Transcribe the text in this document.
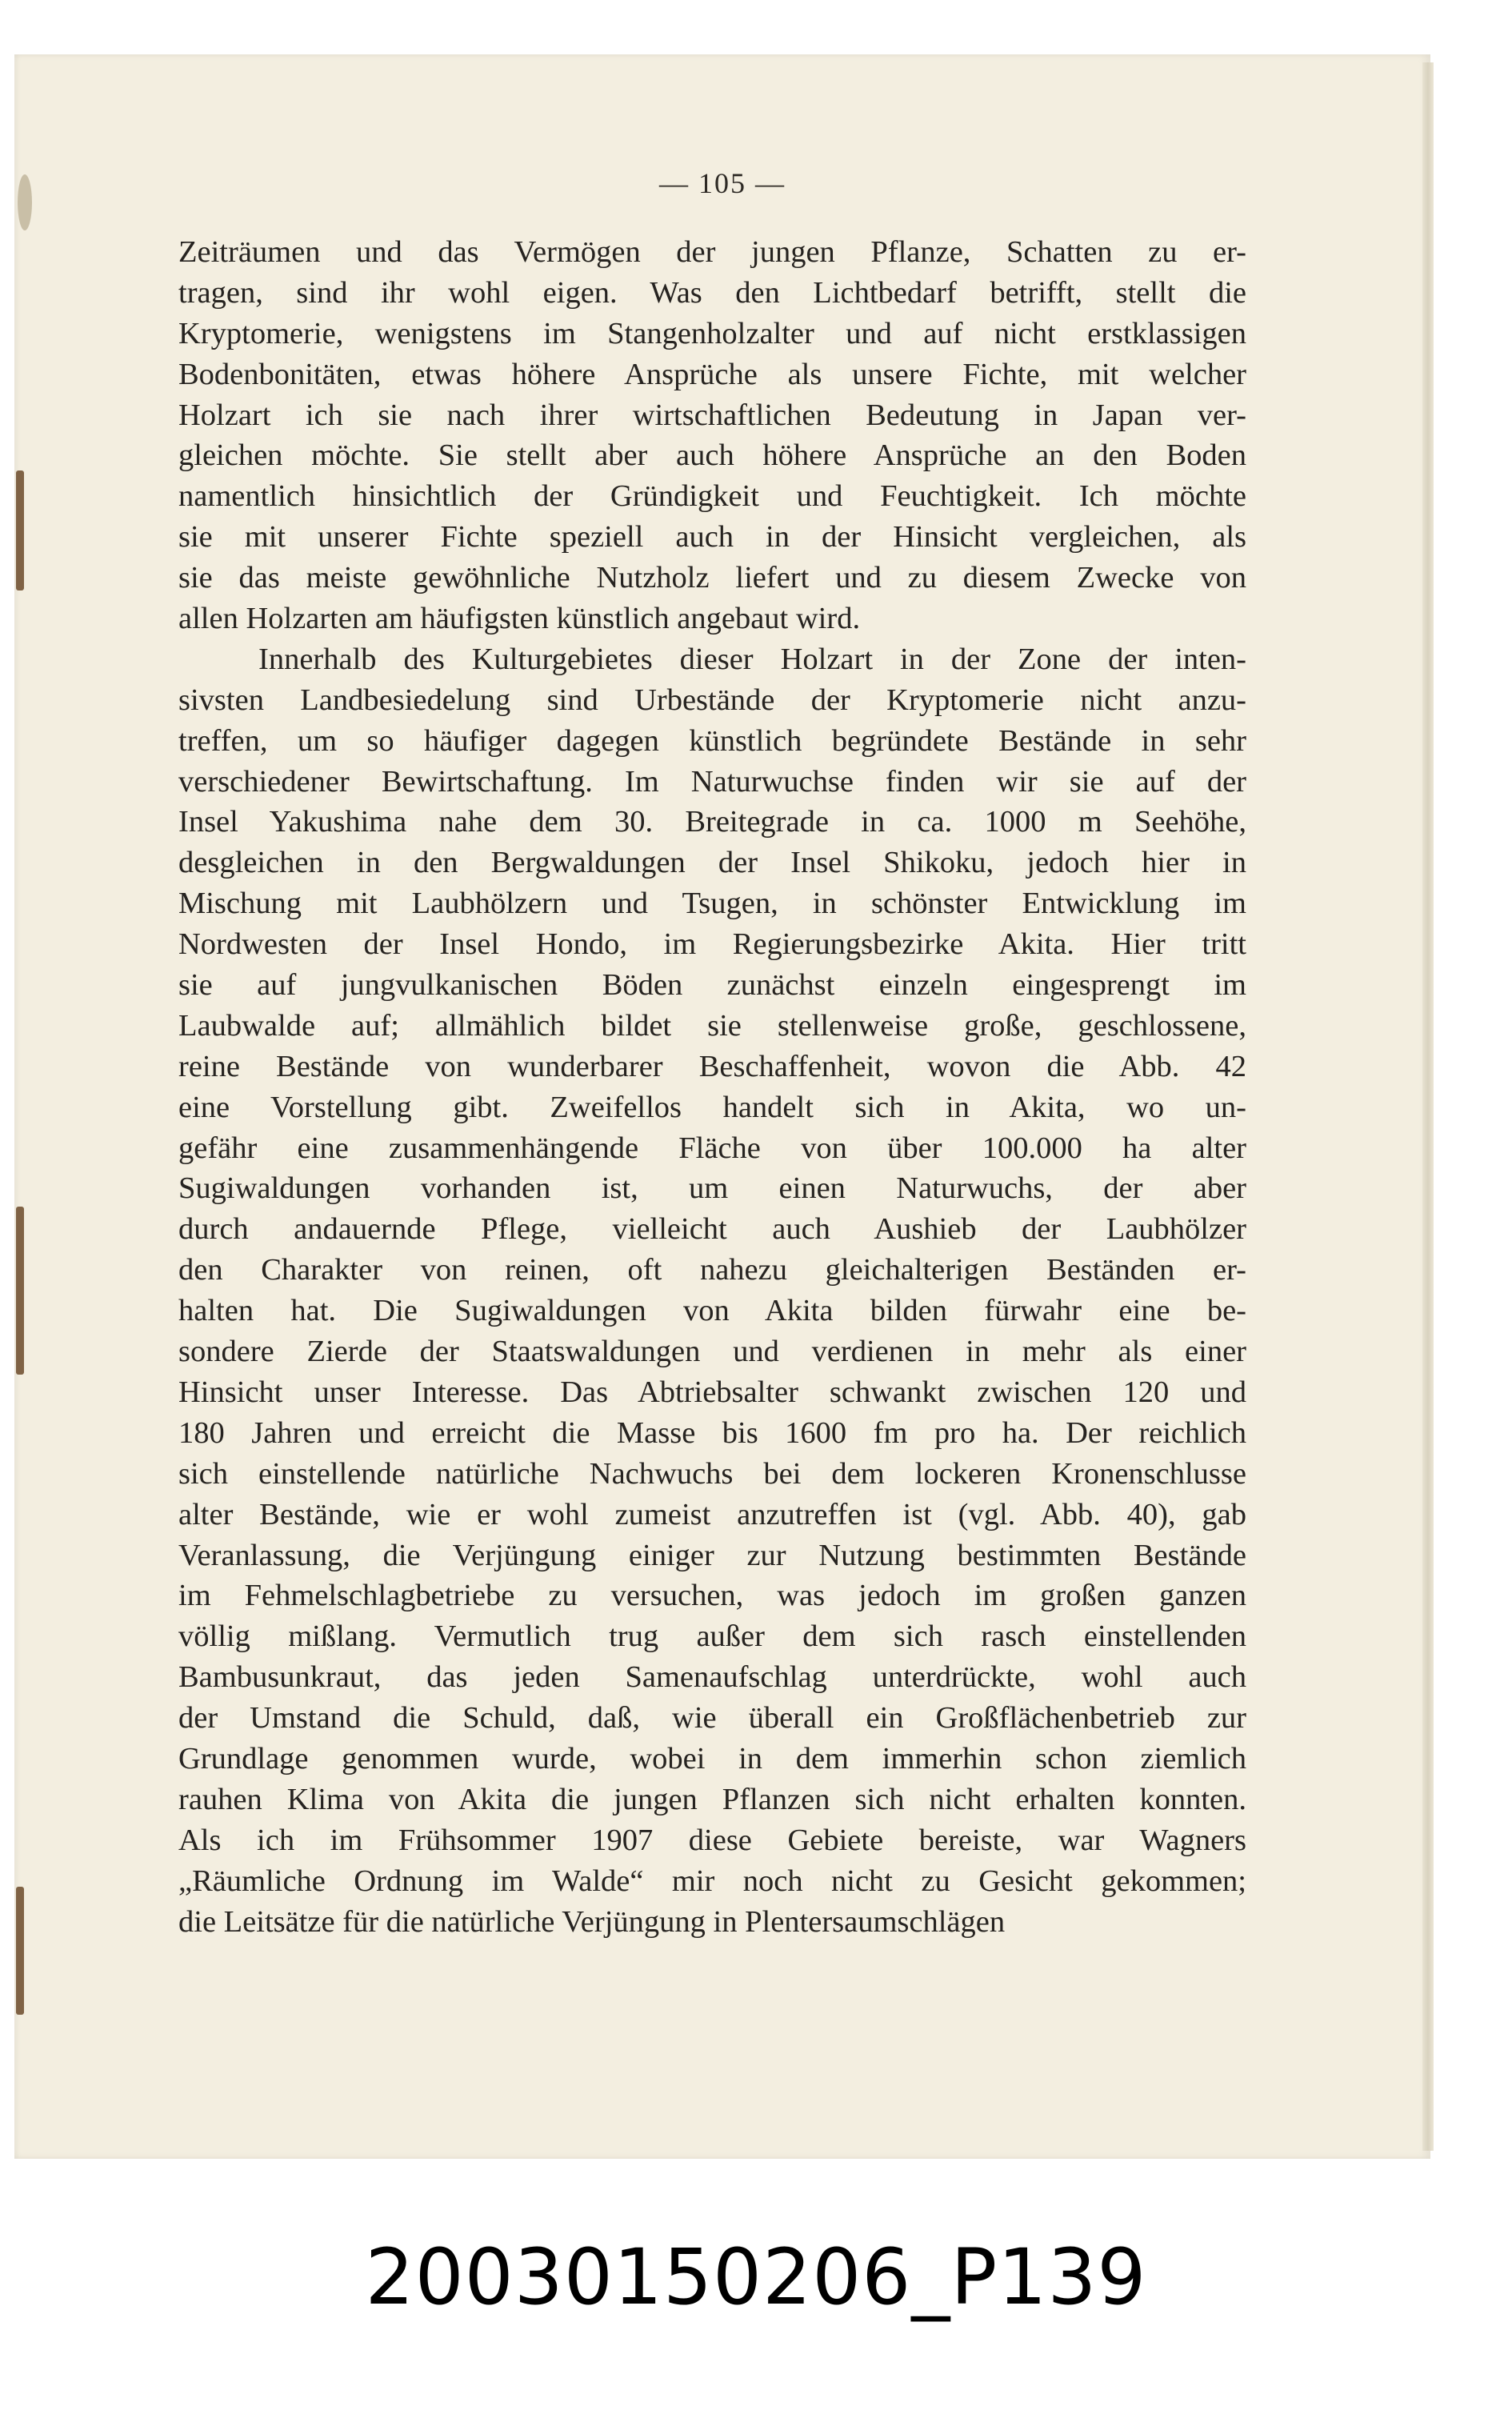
— 105 —
Zeiträumen und das Vermögen der jungen Pflanze, Schatten zu er-
tragen, sind ihr wohl eigen. Was den Lichtbedarf betrifft, stellt die
Kryptomerie, wenigstens im Stangenholzalter und auf nicht erstklassigen
Bodenbonitäten, etwas höhere Ansprüche als unsere Fichte, mit welcher
Holzart ich sie nach ihrer wirtschaftlichen Bedeutung in Japan ver-
gleichen möchte. Sie stellt aber auch höhere Ansprüche an den Boden
namentlich hinsichtlich der Gründigkeit und Feuchtigkeit. Ich möchte
sie mit unserer Fichte speziell auch in der Hinsicht vergleichen, als
sie das meiste gewöhnliche Nutzholz liefert und zu diesem Zwecke von
allen Holzarten am häufigsten künstlich angebaut wird.
Innerhalb des Kulturgebietes dieser Holzart in der Zone der inten-
sivsten Landbesiedelung sind Urbestände der Kryptomerie nicht anzu-
treffen, um so häufiger dagegen künstlich begründete Bestände in sehr
verschiedener Bewirtschaftung. Im Naturwuchse finden wir sie auf der
Insel Yakushima nahe dem 30. Breitegrade in ca. 1000 m Seehöhe,
desgleichen in den Bergwaldungen der Insel Shikoku, jedoch hier in
Mischung mit Laubhölzern und Tsugen, in schönster Entwicklung im
Nordwesten der Insel Hondo, im Regierungsbezirke Akita. Hier tritt
sie auf jungvulkanischen Böden zunächst einzeln eingesprengt im
Laubwalde auf; allmählich bildet sie stellenweise große, geschlossene,
reine Bestände von wunderbarer Beschaffenheit, wovon die Abb. 42
eine Vorstellung gibt. Zweifellos handelt sich in Akita, wo un-
gefähr eine zusammenhängende Fläche von über 100.000 ha alter
Sugiwaldungen vorhanden ist, um einen Naturwuchs, der aber
durch andauernde Pflege, vielleicht auch Aushieb der Laubhölzer
den Charakter von reinen, oft nahezu gleichalterigen Beständen er-
halten hat. Die Sugiwaldungen von Akita bilden fürwahr eine be-
sondere Zierde der Staatswaldungen und verdienen in mehr als einer
Hinsicht unser Interesse. Das Abtriebsalter schwankt zwischen 120 und
180 Jahren und erreicht die Masse bis 1600 fm pro ha. Der reichlich
sich einstellende natürliche Nachwuchs bei dem lockeren Kronenschlusse
alter Bestände, wie er wohl zumeist anzutreffen ist (vgl. Abb. 40), gab
Veranlassung, die Verjüngung einiger zur Nutzung bestimmten Bestände
im Fehmelschlagbetriebe zu versuchen, was jedoch im großen ganzen
völlig mißlang. Vermutlich trug außer dem sich rasch einstellenden
Bambusunkraut, das jeden Samenaufschlag unterdrückte, wohl auch
der Umstand die Schuld, daß, wie überall ein Großflächenbetrieb zur
Grundlage genommen wurde, wobei in dem immerhin schon ziemlich
rauhen Klima von Akita die jungen Pflanzen sich nicht erhalten konnten.
Als ich im Frühsommer 1907 diese Gebiete bereiste, war Wagners
„Räumliche Ordnung im Walde“ mir noch nicht zu Gesicht gekommen;
die Leitsätze für die natürliche Verjüngung in Plentersaumschlägen
20030150206_P139
